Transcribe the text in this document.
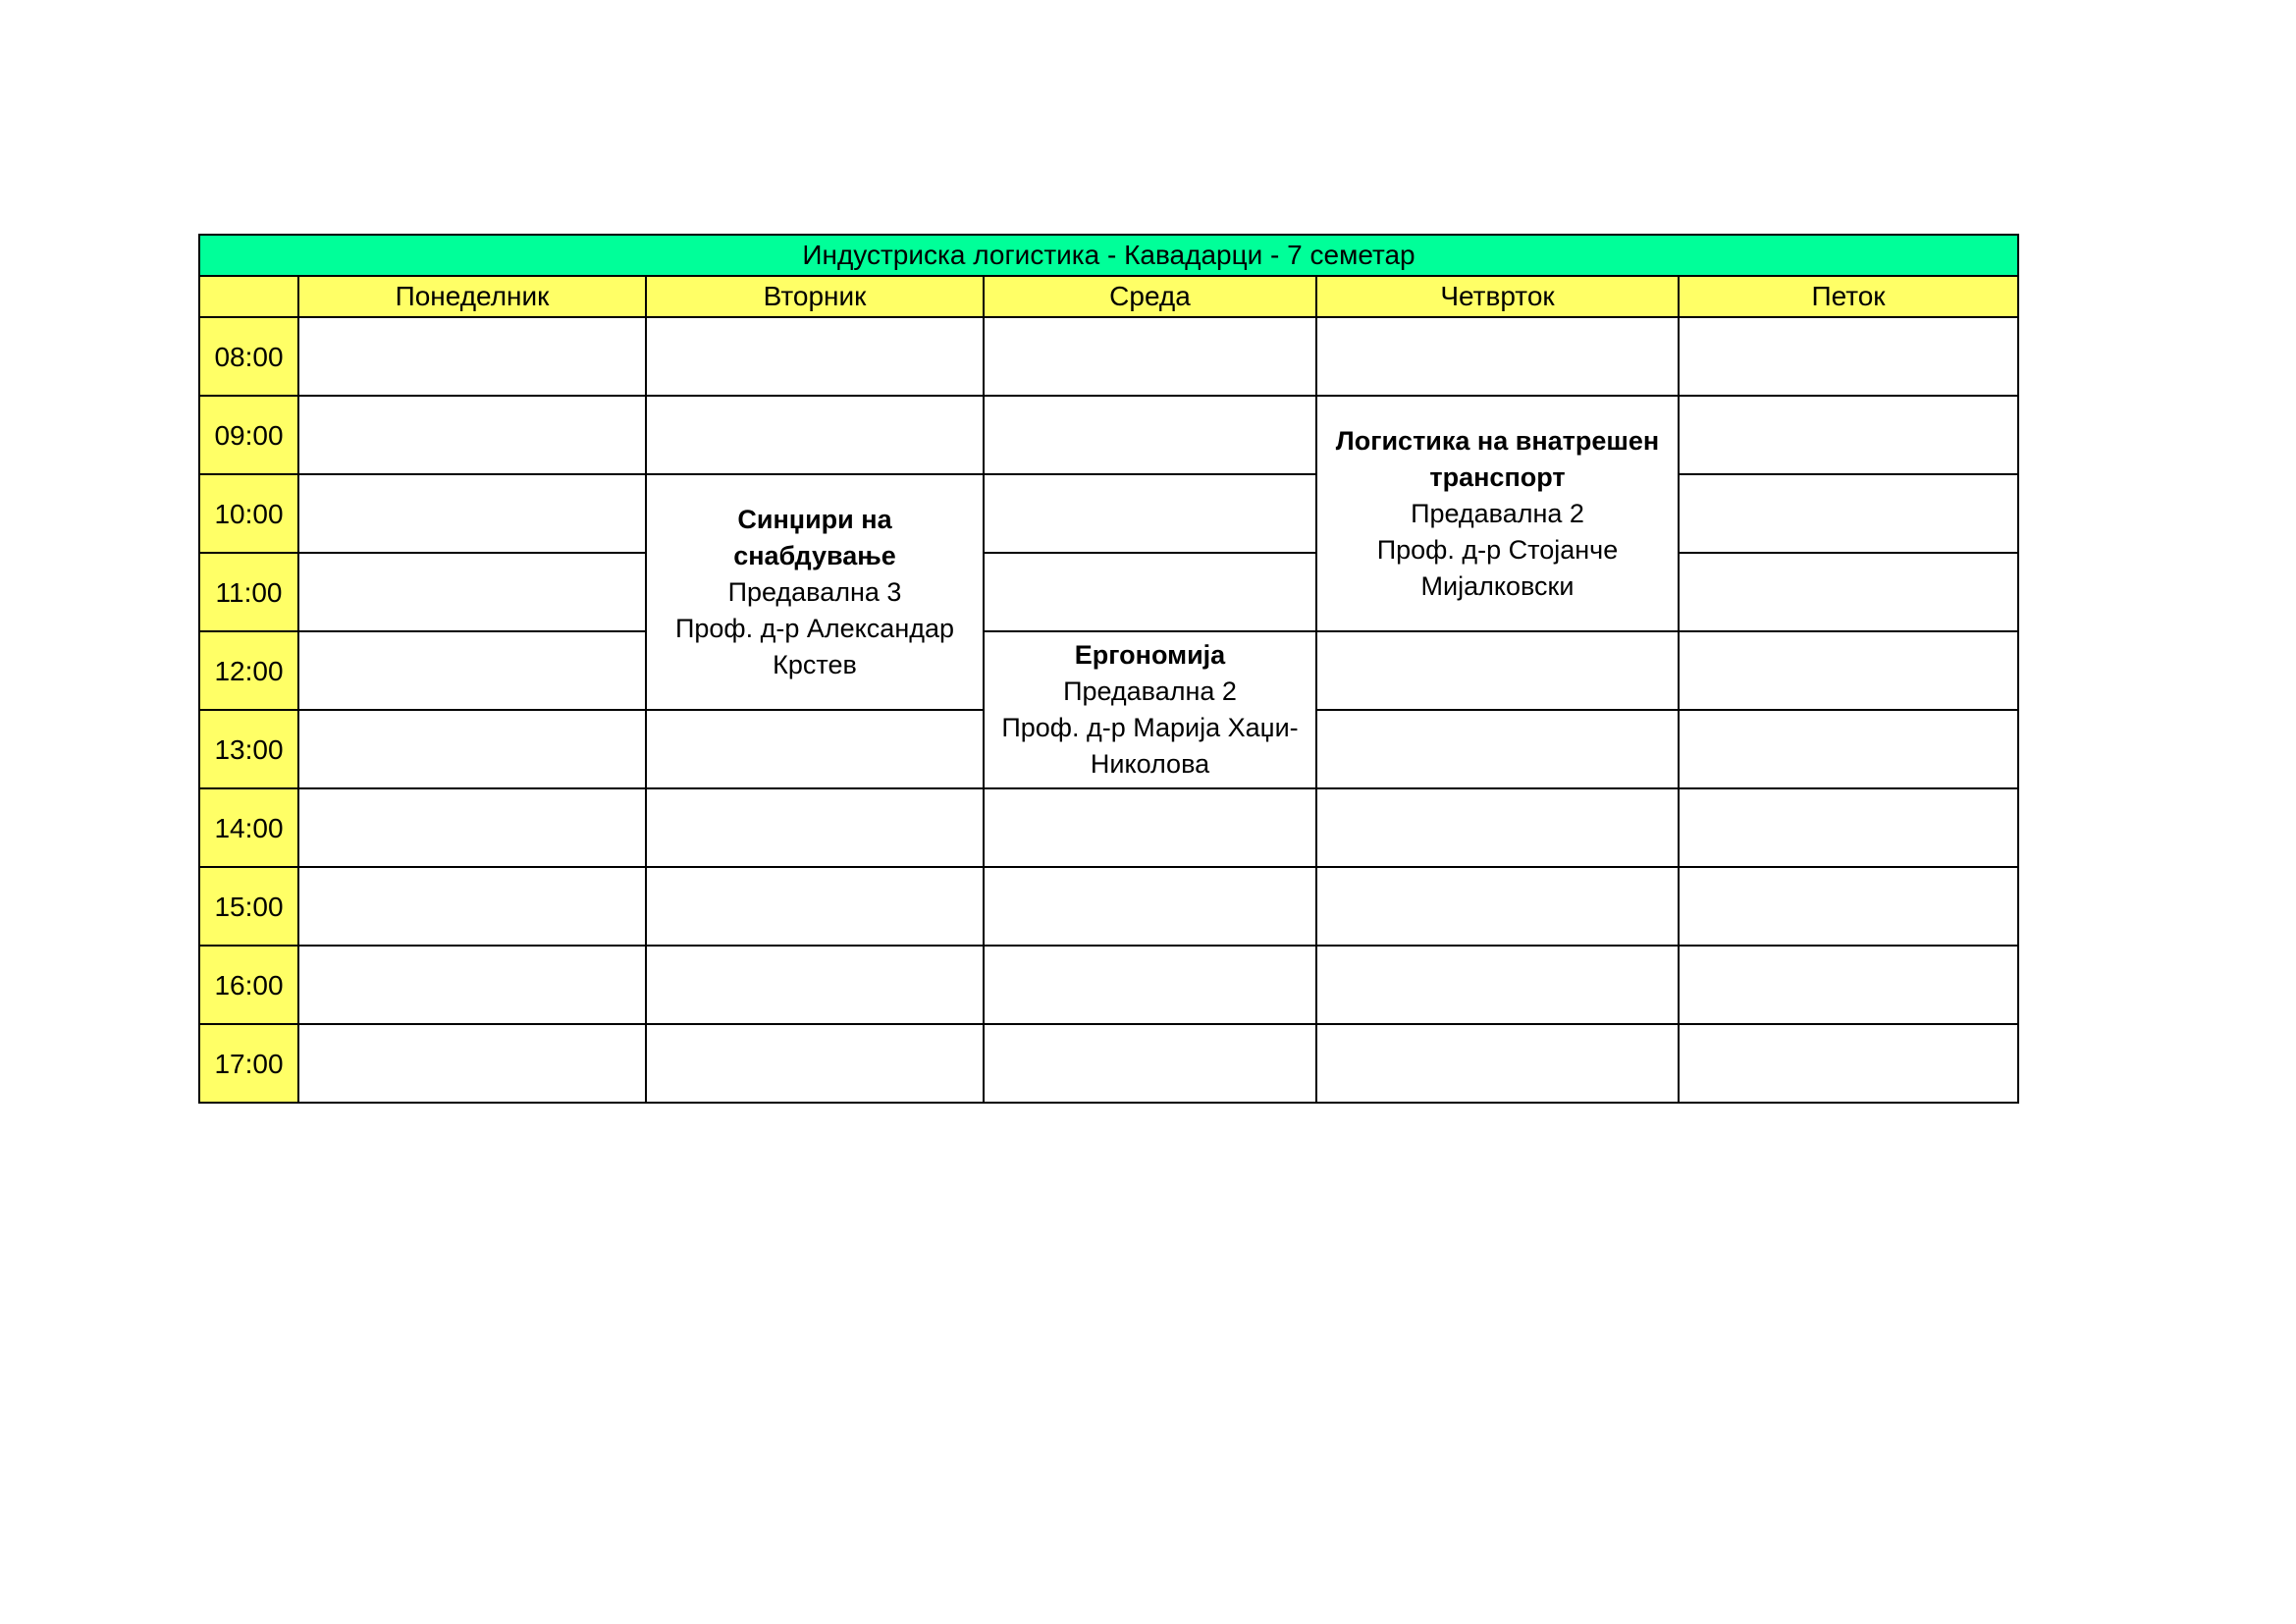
Индустриска логистика - Кавадарци - 7 семетар					
	Понеделник	Вторник	Среда	Четврток	Петок
08:00					
09:00				Логистика на внатрешен транспорт
Предавална 2
Проф. д-р Стојанче Мијалковски	

10:00		Синџири на снабдување
Предавална 3
Проф. д-р Александар Крстев			

11:00					
12:00			Ергономија
Предавална 2
Проф. д-р Марија Хаџи-Николова		

13:00					
14:00					
15:00					
16:00					
17:00					
